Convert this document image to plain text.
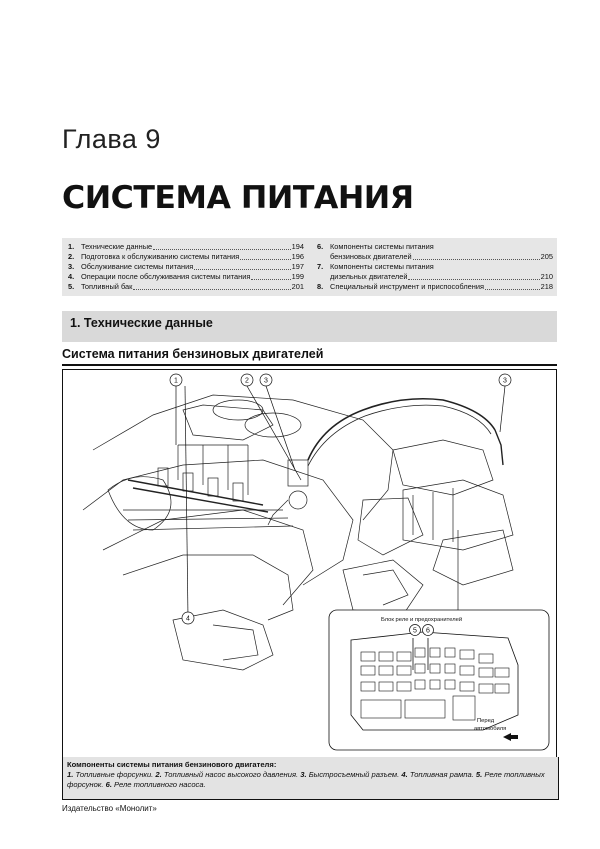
Глава 9
СИСТЕМА ПИТАНИЯ
1. Технические данные	194
2. Подготовка к обслуживанию системы питания	196
3. Обслуживание системы питания	197
4. Операции после обслуживания системы питания	199
5. Топливный бак	201
6. Компоненты системы питания
бензиновых двигателей	205
7. Компоненты системы питания
дизельных двигателей	210
8. Специальный инструмент и приспособления	218
1. Технические данные
Система питания бензиновых двигателей
1	2 3	3
4
5 6
Блок реле и предохранителей
Перед
автомобиля
Компоненты системы питания бензинового двигателя:
1. Топливные форсунки. 2. Топливный насос высокого давления. 3. Быстросъемный разъем. 4. Топливная рампа. 5. Реле топливных форсунок. 6. Реле топливного насоса.
Издательство «Монолит»
